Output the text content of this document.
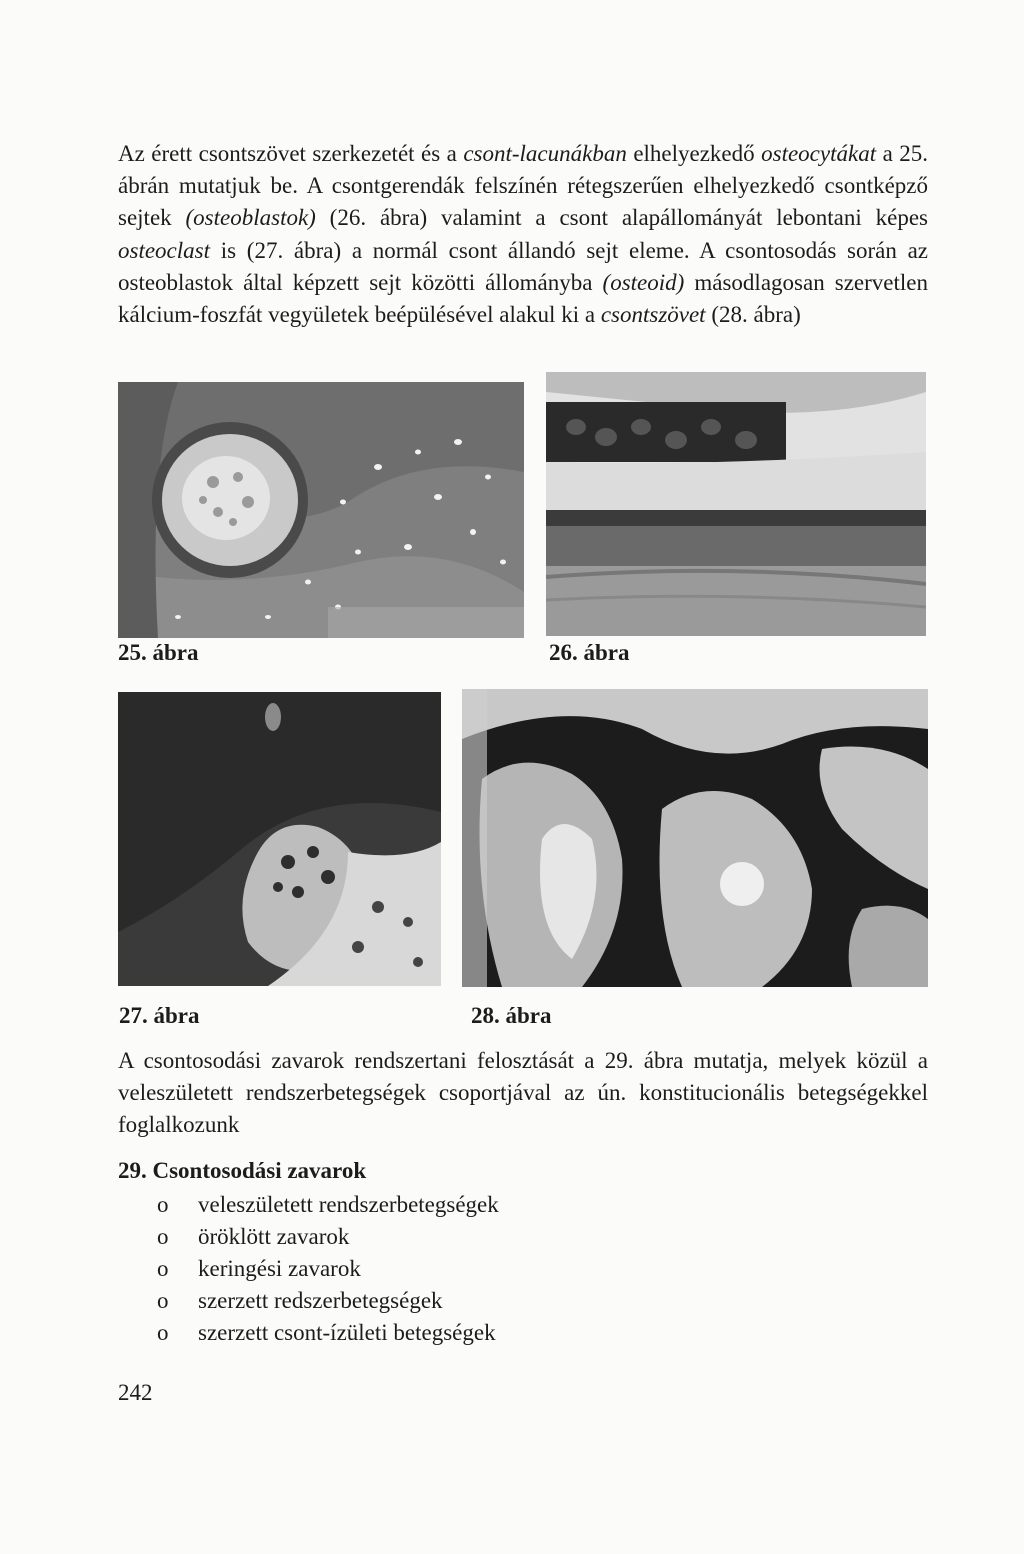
Az érett csontszövet szerkezetét és a csont-lacunákban elhelyezkedő osteocytákat a 25. ábrán mutatjuk be. A csontgerendák felszínén rétegszerűen elhelyezkedő csontképző sejtek (osteoblastok) (26. ábra) valamint a csont alapállományát lebontani képes osteoclast is (27. ábra) a normál csont állandó sejt eleme. A csontosodás során az osteoblastok által képzett sejt közötti állományba (osteoid) másodlagosan szervetlen kálcium-foszfát vegyületek beépülésével alakul ki a csontszövet (28. ábra)

25. ábra	26. ábra

27. ábra	28. ábra

A csontosodási zavarok rendszertani felosztását a 29. ábra mutatja, melyek közül a veleszületett rendszerbetegségek csoportjával az ún. konstitucionális betegségekkel foglalkozunk

29. Csontosodási zavarok

o	veleszületett rendszerbetegségek
o	öröklött zavarok
o	keringési zavarok
o	szerzett redszerbetegségek
o	szerzett csont-ízületi betegségek

242
